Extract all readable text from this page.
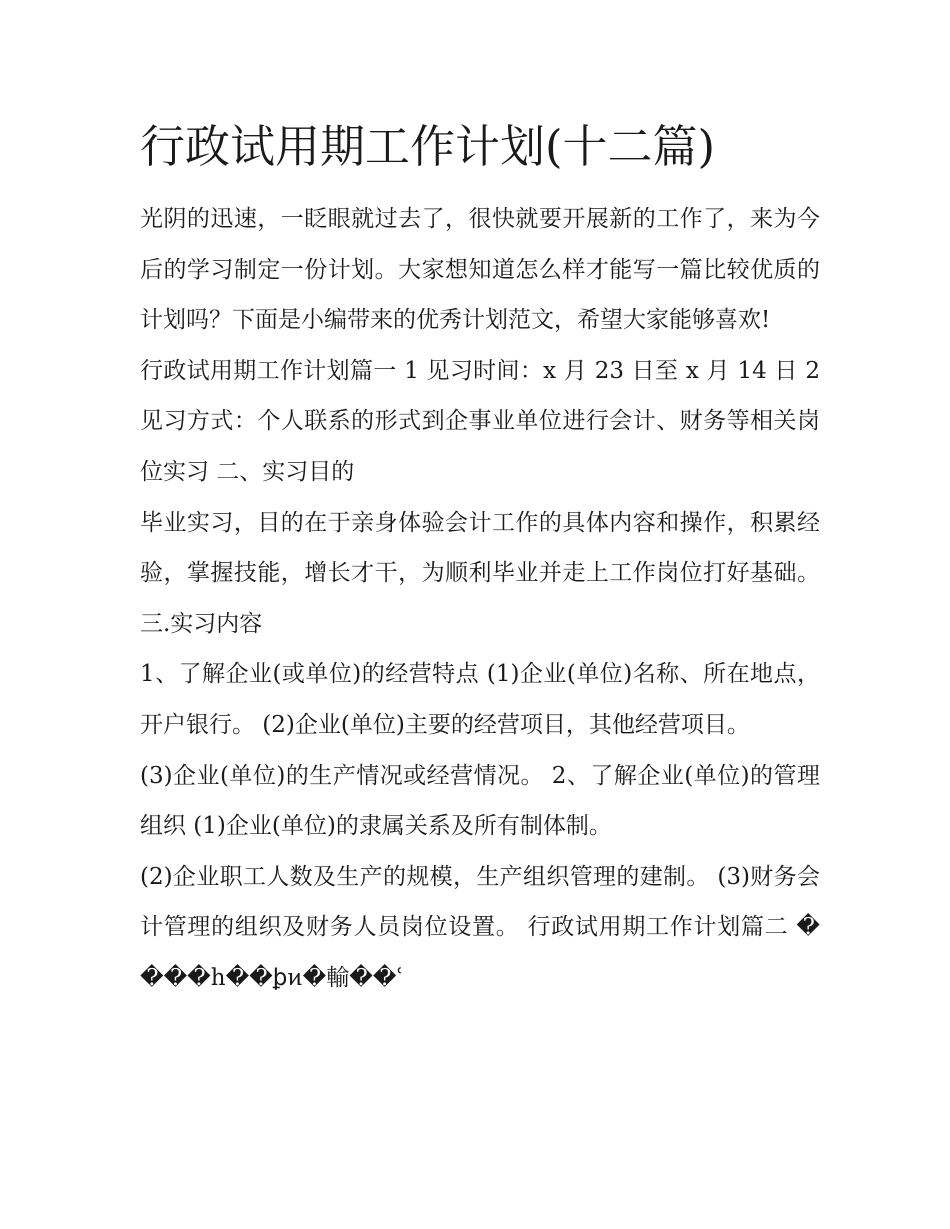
行政试用期工作计划(十二篇)

光阴的迅速，一眨眼就过去了，很快就要开展新的工作了，来为今后的学习制定一份计划。大家想知道怎么样才能写一篇比较优质的计划吗？下面是小编带来的优秀计划范文，希望大家能够喜欢!

行政试用期工作计划篇一 1 见习时间：x 月 23 日至 x 月 14 日 2 见习方式：个人联系的形式到企事业单位进行会计、财务等相关岗位实习 二、实习目的

毕业实习，目的在于亲身体验会计工作的具体内容和操作，积累经验，掌握技能，增长才干，为顺利毕业并走上工作岗位打好基础。 三.实习内容

1、了解企业(或单位)的经营特点 (1)企业(单位)名称、所在地点，开户银行。 (2)企业(单位)主要的经营项目，其他经营项目。

(3)企业(单位)的生产情况或经营情况。 2、了解企业(单位)的管理组织 (1)企业(单位)的隶属关系及所有制体制。

(2)企业职工人数及生产的规模，生产组织管理的建制。 (3)财务会计管理的组织及财务人员岗位设置。 行政试用期工作计划篇二 ����h��ꝧͷ�輸��ʿ
